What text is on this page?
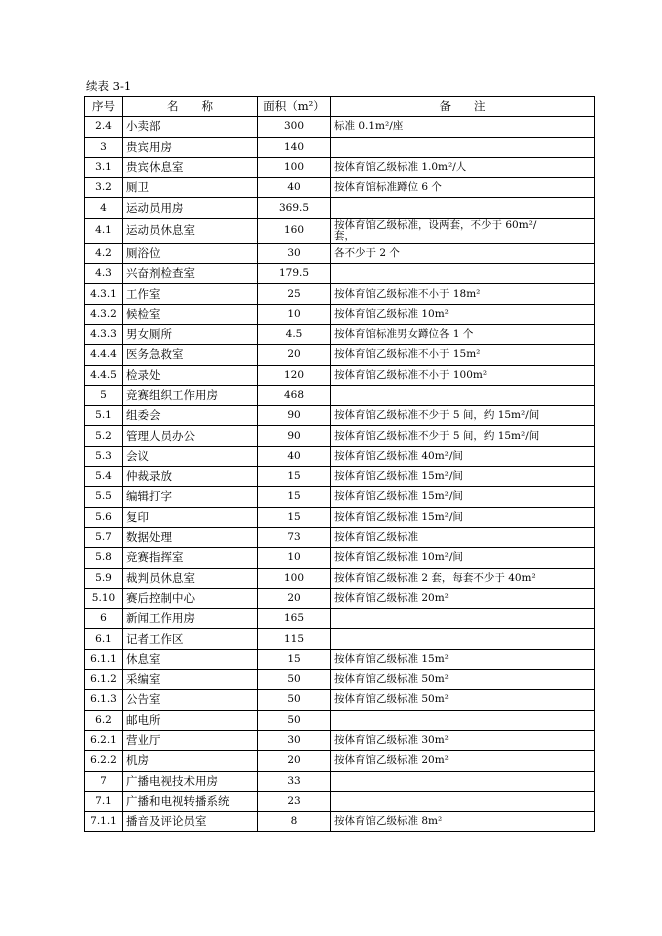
续表 3-1
序号	名　　称	面积（m²）	备　　注
2.4	小卖部	300	标准 0.1m²/座
3	贵宾用房	140	
3.1	贵宾休息室	100	按体育馆乙级标准 1.0m²/人
3.2	厕卫	40	按体育馆标准蹲位 6 个
4	运动员用房	369.5	
4.1	运动员休息室	160	按体育馆乙级标准，设两套，不少于 60m²/
套，
4.2	厕浴位	30	各不少于 2 个
4.3	兴奋剂检查室	179.5	
4.3.1	工作室	25	按体育馆乙级标准不小于 18m²
4.3.2	候检室	10	按体育馆乙级标准 10m²
4.3.3	男女厕所	4.5	按体育馆标准男女蹲位各 1 个
4.4.4	医务急救室	20	按体育馆乙级标准不小于 15m²
4.4.5	检录处	120	按体育馆乙级标准不小于 100m²
5	竞赛组织工作用房	468	
5.1	组委会	90	按体育馆乙级标准不少于 5 间，约 15m²/间
5.2	管理人员办公	90	按体育馆乙级标准不少于 5 间，约 15m²/间
5.3	会议	40	按体育馆乙级标准 40m²/间
5.4	仲裁录放	15	按体育馆乙级标准 15m²/间
5.5	编辑打字	15	按体育馆乙级标准 15m²/间
5.6	复印	15	按体育馆乙级标准 15m²/间
5.7	数据处理	73	按体育馆乙级标准
5.8	竞赛指挥室	10	按体育馆乙级标准 10m²/间
5.9	裁判员休息室	100	按体育馆乙级标准 2 套，每套不少于 40m²
5.10	赛后控制中心	20	按体育馆乙级标准 20m²
6	新闻工作用房	165	
6.1	记者工作区	115	
6.1.1	休息室	15	按体育馆乙级标准 15m²
6.1.2	采编室	50	按体育馆乙级标准 50m²
6.1.3	公告室	50	按体育馆乙级标准 50m²
6.2	邮电所	50	
6.2.1	营业厅	30	按体育馆乙级标准 30m²
6.2.2	机房	20	按体育馆乙级标准 20m²
7	广播电视技术用房	33	
7.1	广播和电视转播系统	23	
7.1.1	播音及评论员室	8	按体育馆乙级标准 8m²
